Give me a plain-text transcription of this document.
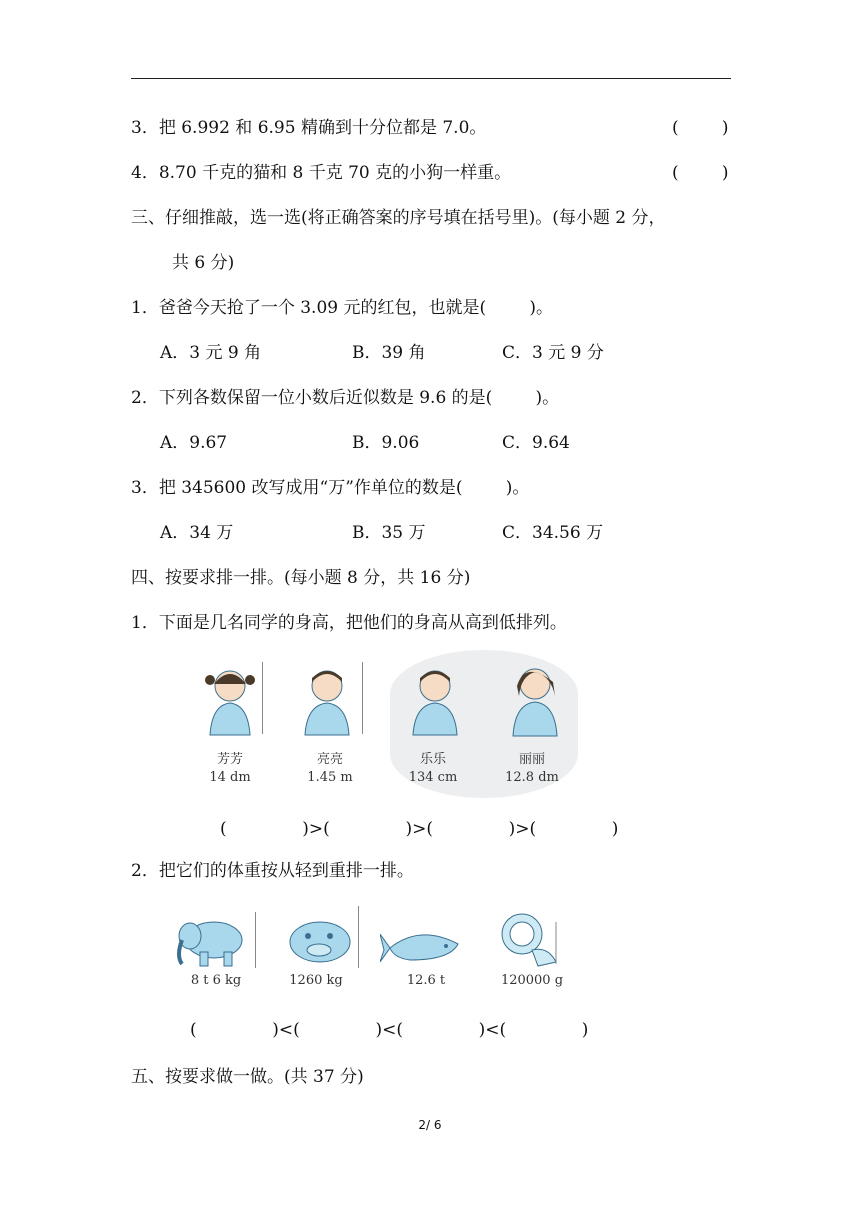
3．把 6.992 和 6.95 精确到十分位都是 7.0。	(        )
4．8.70 千克的猫和 8 千克 70 克的小狗一样重。	(        )
三、仔细推敲，选一选(将正确答案的序号填在括号里)。(每小题 2 分，
共 6 分)
1．爸爸今天抢了一个 3.09 元的红包，也就是(        )。
A．3 元 9 角	B．39 角	C．3 元 9 分
2．下列各数保留一位小数后近似数是 9.6 的是(        )。
A．9.67	B．9.06	C．9.64
3．把 345600 改写成用“万”作单位的数是(        )。
A．34 万	B．35 万	C．34.56 万
四、按要求排一排。(每小题 8 分，共 16 分)
1．下面是几名同学的身高，把他们的身高从高到低排列。
芳芳
14 dm
亮亮
1.45 m
乐乐
134 cm
丽丽
12.8 dm
(              )>(              )>(              )>(              )
2．把它们的体重按从轻到重排一排。
8 t 6 kg	1260 kg	12.6 t	120000 g
(              )<(              )<(              )<(              )
五、按要求做一做。(共 37 分)
2/ 6
